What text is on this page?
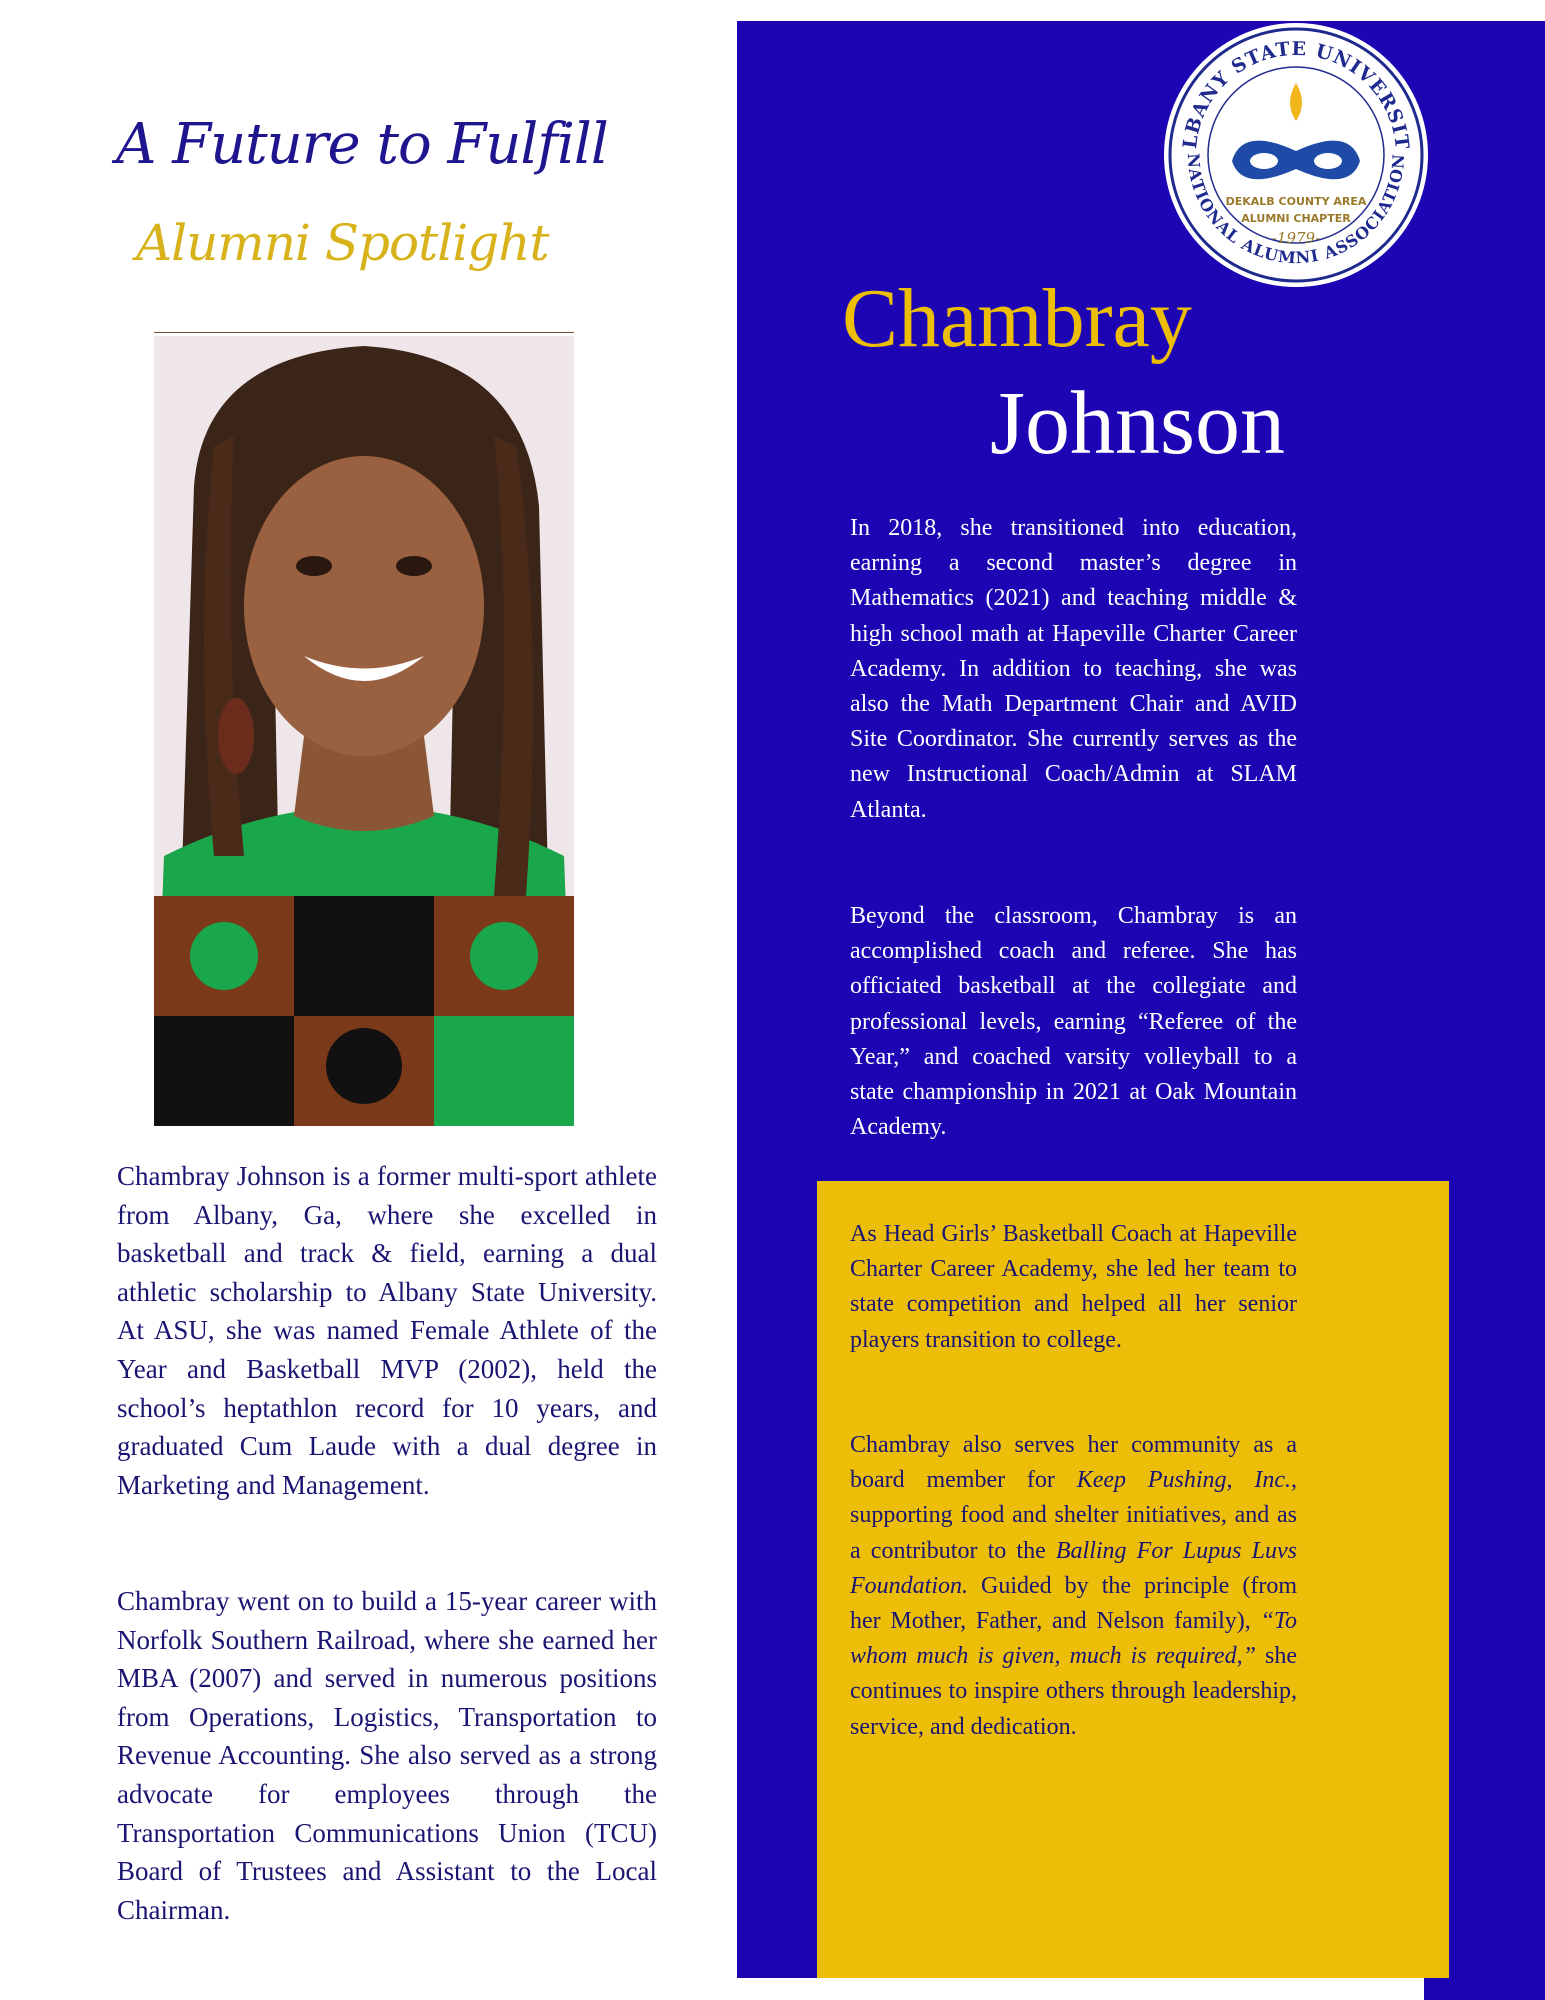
A Future to Fulfill
Alumni Spotlight

Chambray Johnson is a former multi-sport athlete from Albany, Ga, where she excelled in basketball and track & field, earning a dual athletic scholarship to Albany State University. At ASU, she was named Female Athlete of the Year and Basketball MVP (2002), held the school’s heptathlon record for 10 years, and graduated Cum Laude with a dual degree in Marketing and Management.

Chambray went on to build a 15-year career with Norfolk Southern Railroad, where she earned her MBA (2007) and served in numerous positions from Operations, Logistics, Transportation to Revenue Accounting. She also served as a strong advocate for employees through the Transportation Communications Union (TCU) Board of Trustees and Assistant to the Local Chairman.

LBANY STATE UNIVERSIT
NATIONAL ALUMNI ASSOCIATION
DEKALB COUNTY AREA
ALUMNI CHAPTER
-1979-
Chambray
Johnson

In 2018, she transitioned into education, earning a second master’s degree in Mathematics (2021) and teaching middle & high school math at Hapeville Charter Career Academy. In addition to teaching, she was also the Math Department Chair and AVID Site Coordinator. She currently serves as the new Instructional Coach/Admin at SLAM Atlanta.

Beyond the classroom, Chambray is an accomplished coach and referee. She has officiated basketball at the collegiate and professional levels, earning “Referee of the Year,” and coached varsity volleyball to a state championship in 2021 at Oak Mountain Academy.

As Head Girls’ Basketball Coach at Hapeville Charter Career Academy, she led her team to state competition and helped all her senior players transition to college.

Chambray also serves her community as a board member for Keep Pushing, Inc., supporting food and shelter initiatives, and as a contributor to the Balling For Lupus Luvs Foundation. Guided by the principle (from her Mother, Father, and Nelson family), “To whom much is given, much is required,” she continues to inspire others through leadership, service, and dedication.
